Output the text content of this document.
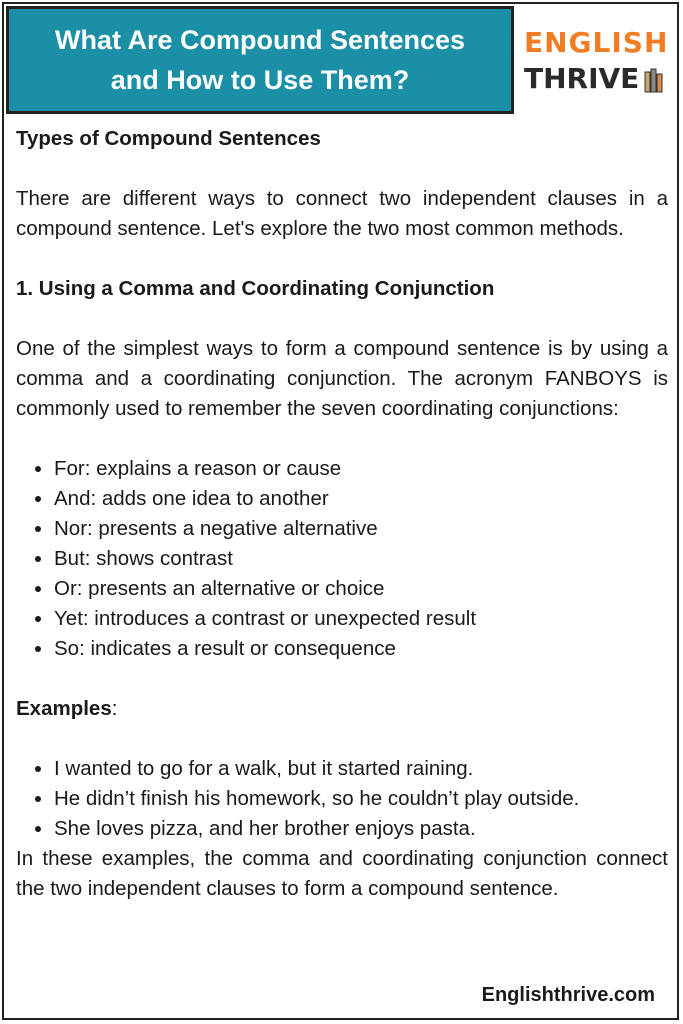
What Are Compound Sentences
and How to Use Them?
ENGLISH
THRIVE

Types of Compound Sentences

There are different ways to connect two independent clauses in a compound sentence. Let's explore the two most common methods.

1. Using a Comma and Coordinating Conjunction

One of the simplest ways to form a compound sentence is by using a comma and a coordinating conjunction. The acronym FANBOYS is commonly used to remember the seven coordinating conjunctions:

• For: explains a reason or cause
• And: adds one idea to another
• Nor: presents a negative alternative
• But: shows contrast
• Or: presents an alternative or choice
• Yet: introduces a contrast or unexpected result
• So: indicates a result or consequence

Examples:

• I wanted to go for a walk, but it started raining.
• He didn’t finish his homework, so he couldn’t play outside.
• She loves pizza, and her brother enjoys pasta.

In these examples, the comma and coordinating conjunction connect the two independent clauses to form a compound sentence.

Englishthrive.com
